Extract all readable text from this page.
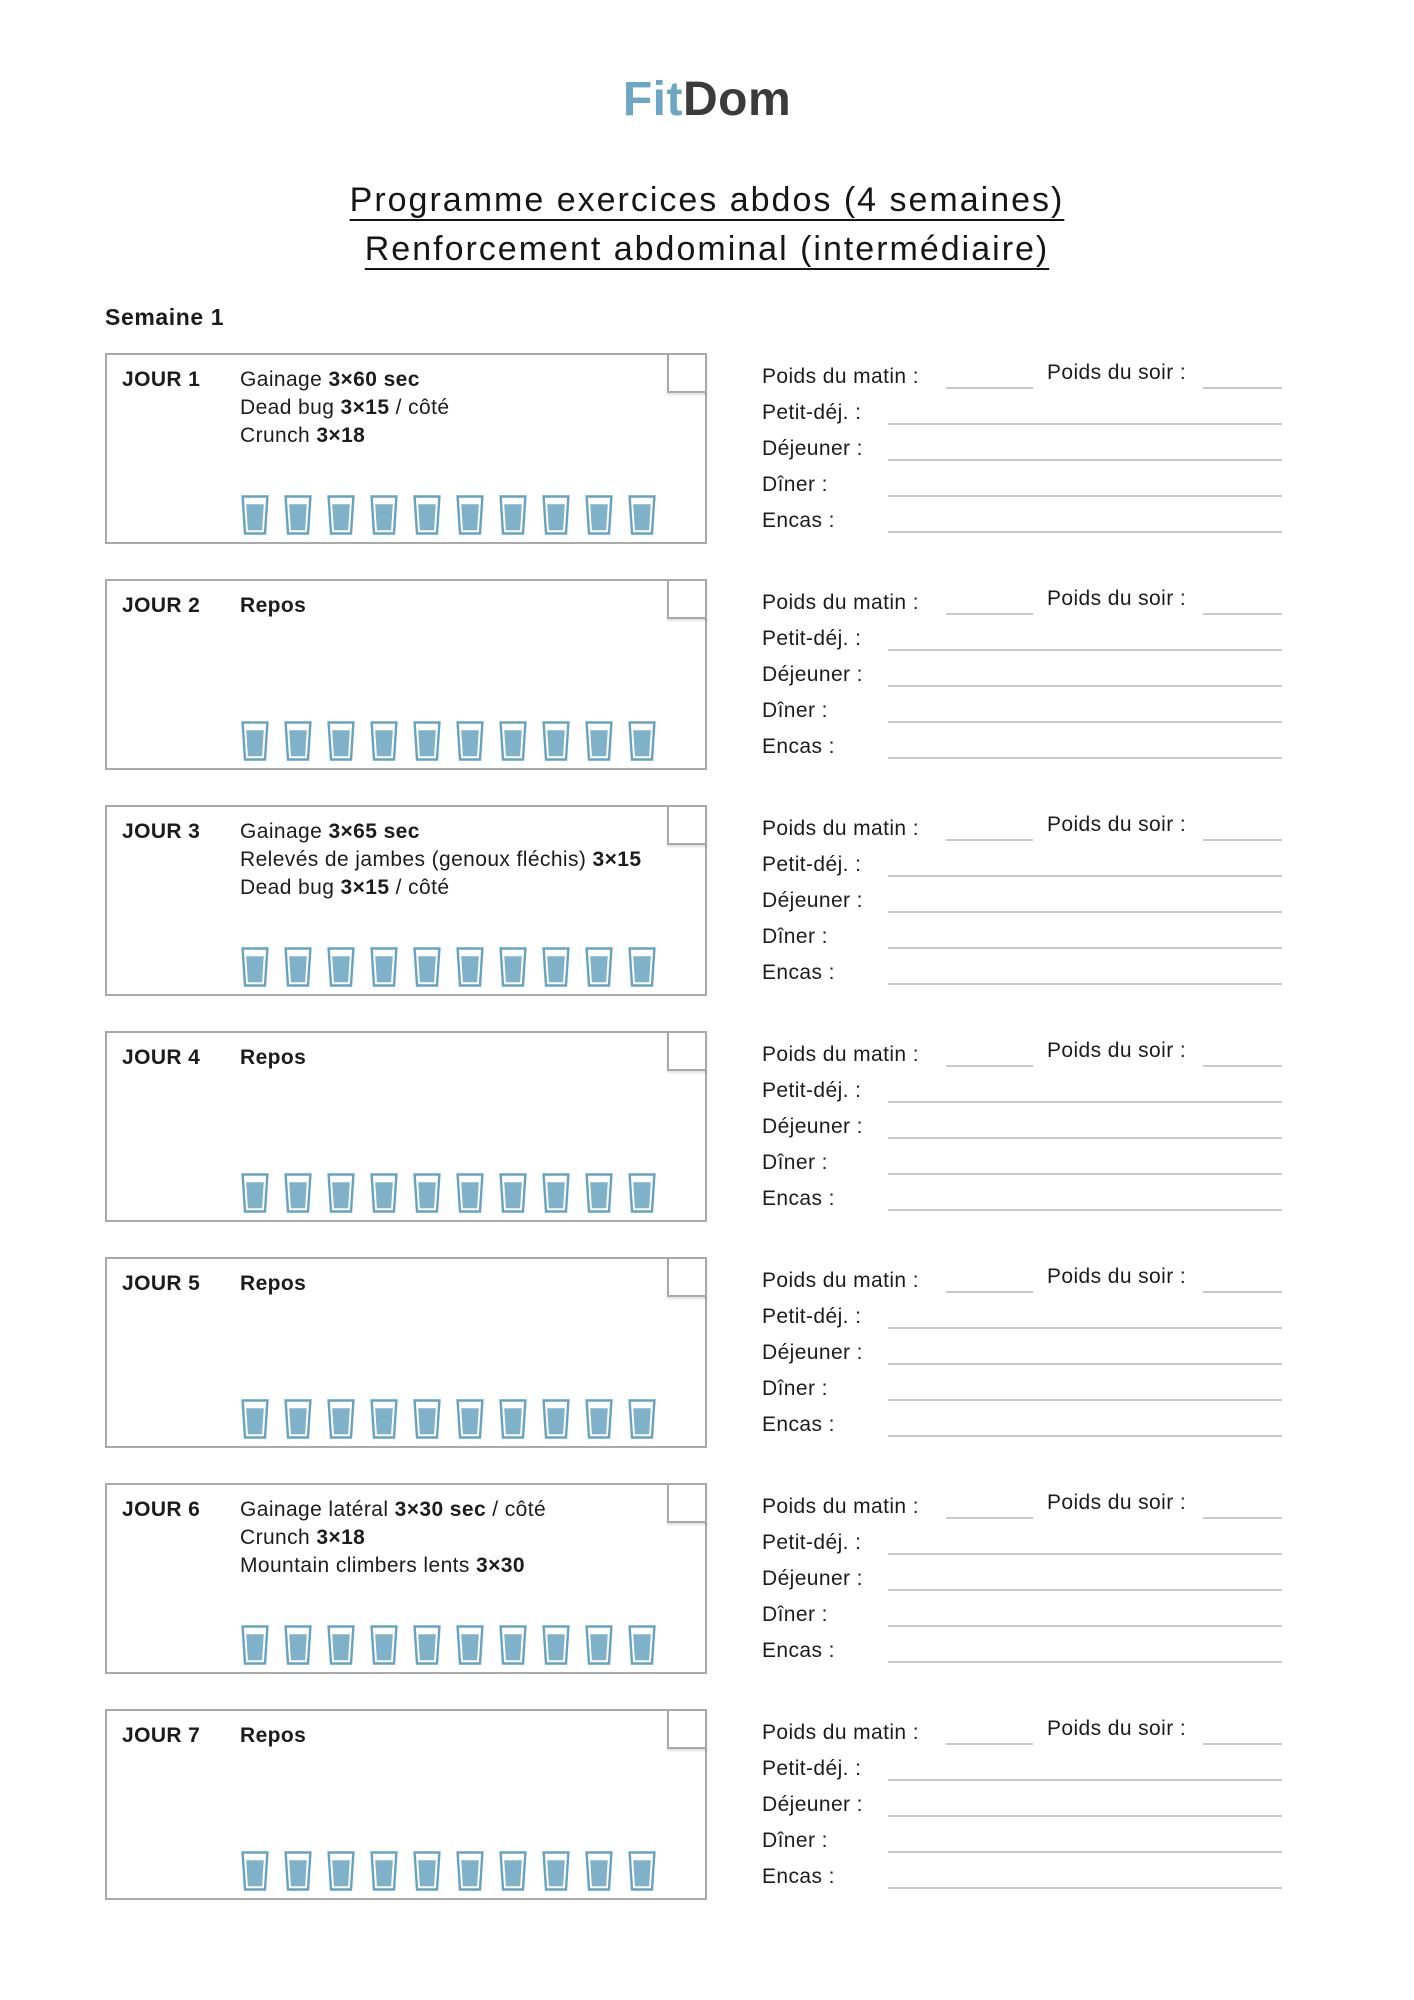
FitDom
Programme exercices abdos (4 semaines)
Renforcement abdominal (intermédiaire)
Semaine 1
JOUR 1	Gainage 3×60 sec
Dead bug 3×15 / côté
Crunch 3×18
Poids du matin :	Poids du soir :
Petit-déj. :
Déjeuner :
Dîner :
Encas :
JOUR 2	Repos	Poids du matin :	Poids du soir :
Petit-déj. :
Déjeuner :
Dîner :
Encas :
JOUR 3	Gainage 3×65 sec
Relevés de jambes (genoux fléchis) 3×15
Dead bug 3×15 / côté
Poids du matin :	Poids du soir :
Petit-déj. :
Déjeuner :
Dîner :
Encas :
JOUR 4	Repos	Poids du matin :	Poids du soir :
Petit-déj. :
Déjeuner :
Dîner :
Encas :
JOUR 5	Repos	Poids du matin :	Poids du soir :
Petit-déj. :
Déjeuner :
Dîner :
Encas :
JOUR 6	Gainage latéral 3×30 sec / côté
Crunch 3×18
Mountain climbers lents 3×30
Poids du matin :	Poids du soir :
Petit-déj. :
Déjeuner :
Dîner :
Encas :
JOUR 7	Repos	Poids du matin :	Poids du soir :
Petit-déj. :
Déjeuner :
Dîner :
Encas :
